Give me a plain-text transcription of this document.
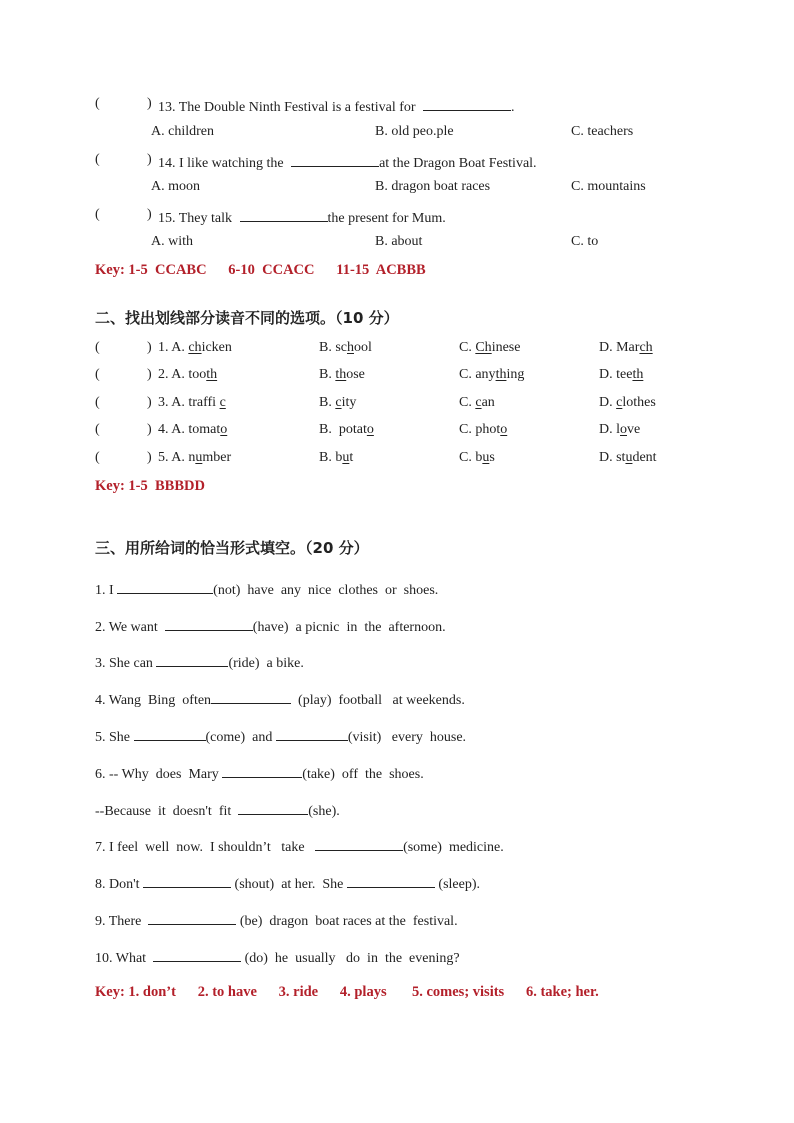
(	) 13. The Double Ninth Festival is a festival for	.
A. children	B. old peo.ple	C. teachers
(	) 14. I like watching the	at the Dragon Boat Festival.
A. moon	B. dragon boat races	C. mountains
(	) 15. They talk	the present for Mum.
A. with	B. about	C. to
Key: 1-5  CCABC      6-10  CCACC      11-15  ACBBB
二、找出划线部分读音不同的选项。（10 分）
(	) 1. A. chicken	B. school	C. Chinese	D. March
(	) 2. A. tooth	B. those	C. anything	D. teeth
(	) 3. A. traffi c	B. city	C. can	D. clothes
(	) 4. A. tomato	B.  potato	C. photo	D. love
(	) 5. A. number	B. but	C. bus	D. student
Key: 1-5  BBBDD
三、用所给词的恰当形式填空。（20 分）
1. I	(not)  have  any  nice  clothes  or  shoes.
2. We want	(have)  a picnic  in  the  afternoon.
3. She can	(ride)  a bike.
4. Wang  Bing  often	(play)  football   at weekends.
5. She	(come)  and	(visit)   every  house.
6. -- Why  does  Mary	(take)  off  the  shoes.
--Because  it  doesn't  fit	(she).
7. I feel  well  now.  I shouldn’t   take	(some)  medicine.
8. Don't	(shout)  at her.  She	(sleep).
9. There	(be)  dragon  boat races at the  festival.
10. What	(do)  he  usually   do  in  the  evening?
Key: 1. don’t      2. to have      3. ride      4. plays       5. comes; visits      6. take; her.
